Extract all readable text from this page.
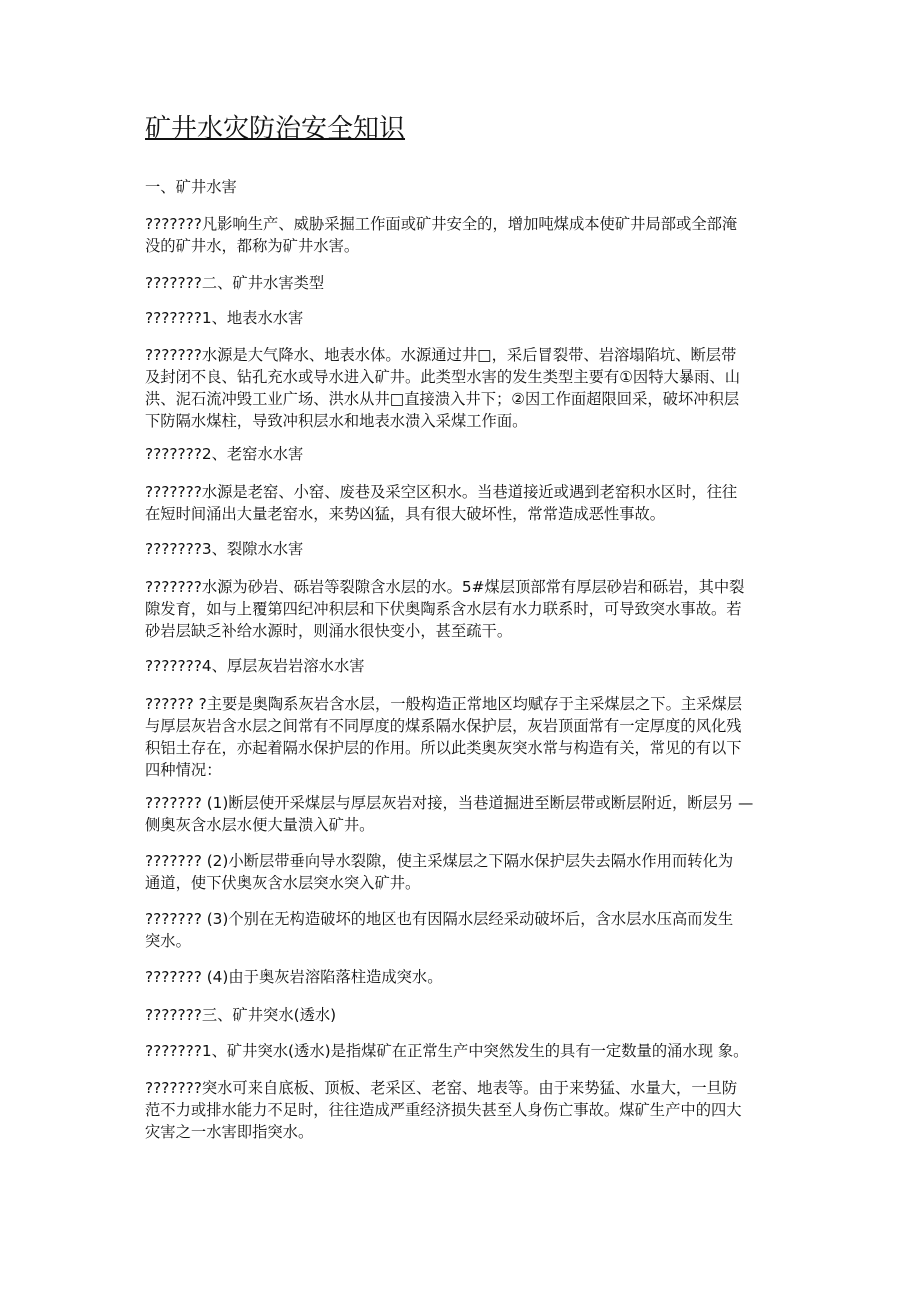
矿井水灾防治安全知识
一、矿井水害
???????凡影响生产、威胁采掘工作面或矿井安全的，增加吨煤成本使矿井局部或全部淹
没的矿井水，都称为矿井水害。
???????二、矿井水害类型
???????1、地表水水害
???????水源是大气降水、地表水体。水源通过井□，采后冒裂带、岩溶塌陷坑、断层带
及封闭不良、钻孔充水或导水进入矿井。此类型水害的发生类型主要有①因特大暴雨、山
洪、泥石流冲毁工业广场、洪水从井□直接溃入井下；②因工作面超限回采，破坏冲积层
下防隔水煤柱，导致冲积层水和地表水溃入采煤工作面。
???????2、老窑水水害
???????水源是老窑、小窑、废巷及采空区积水。当巷道接近或遇到老窑积水区时，往往
在短时间涌出大量老窑水，来势凶猛，具有很大破坏性，常常造成恶性事故。
???????3、裂隙水水害
???????水源为砂岩、砾岩等裂隙含水层的水。5#煤层顶部常有厚层砂岩和砾岩，其中裂
隙发育，如与上覆第四纪冲积层和下伏奥陶系含水层有水力联系时，可导致突水事故。若
砂岩层缺乏补给水源时，则涌水很快变小，甚至疏干。
???????4、厚层灰岩岩溶水水害
?????? ?主要是奥陶系灰岩含水层，一般构造正常地区均赋存于主采煤层之下。主采煤层
与厚层灰岩含水层之间常有不同厚度的煤系隔水保护层，灰岩顶面常有一定厚度的风化残
积铝土存在，亦起着隔水保护层的作用。所以此类奥灰突水常与构造有关，常见的有以下
四种情况：
??????? (1)断层使开采煤层与厚层灰岩对接，当巷道掘进至断层带或断层附近，断层另 —
侧奥灰含水层水便大量溃入矿井。
??????? (2)小断层带垂向导水裂隙，使主采煤层之下隔水保护层失去隔水作用而转化为
通道，使下伏奥灰含水层突水突入矿井。
??????? (3)个别在无构造破坏的地区也有因隔水层经采动破坏后，含水层水压高而发生
突水。
??????? (4)由于奥灰岩溶陷落柱造成突水。
???????三、矿井突水(透水)
???????1、矿井突水(透水)是指煤矿在正常生产中突然发生的具有一定数量的涌水现 象。
???????突水可来自底板、顶板、老采区、老窑、地表等。由于来势猛、水量大，一旦防
范不力或排水能力不足时，往往造成严重经济损失甚至人身伤亡事故。煤矿生产中的四大
灾害之一水害即指突水。
